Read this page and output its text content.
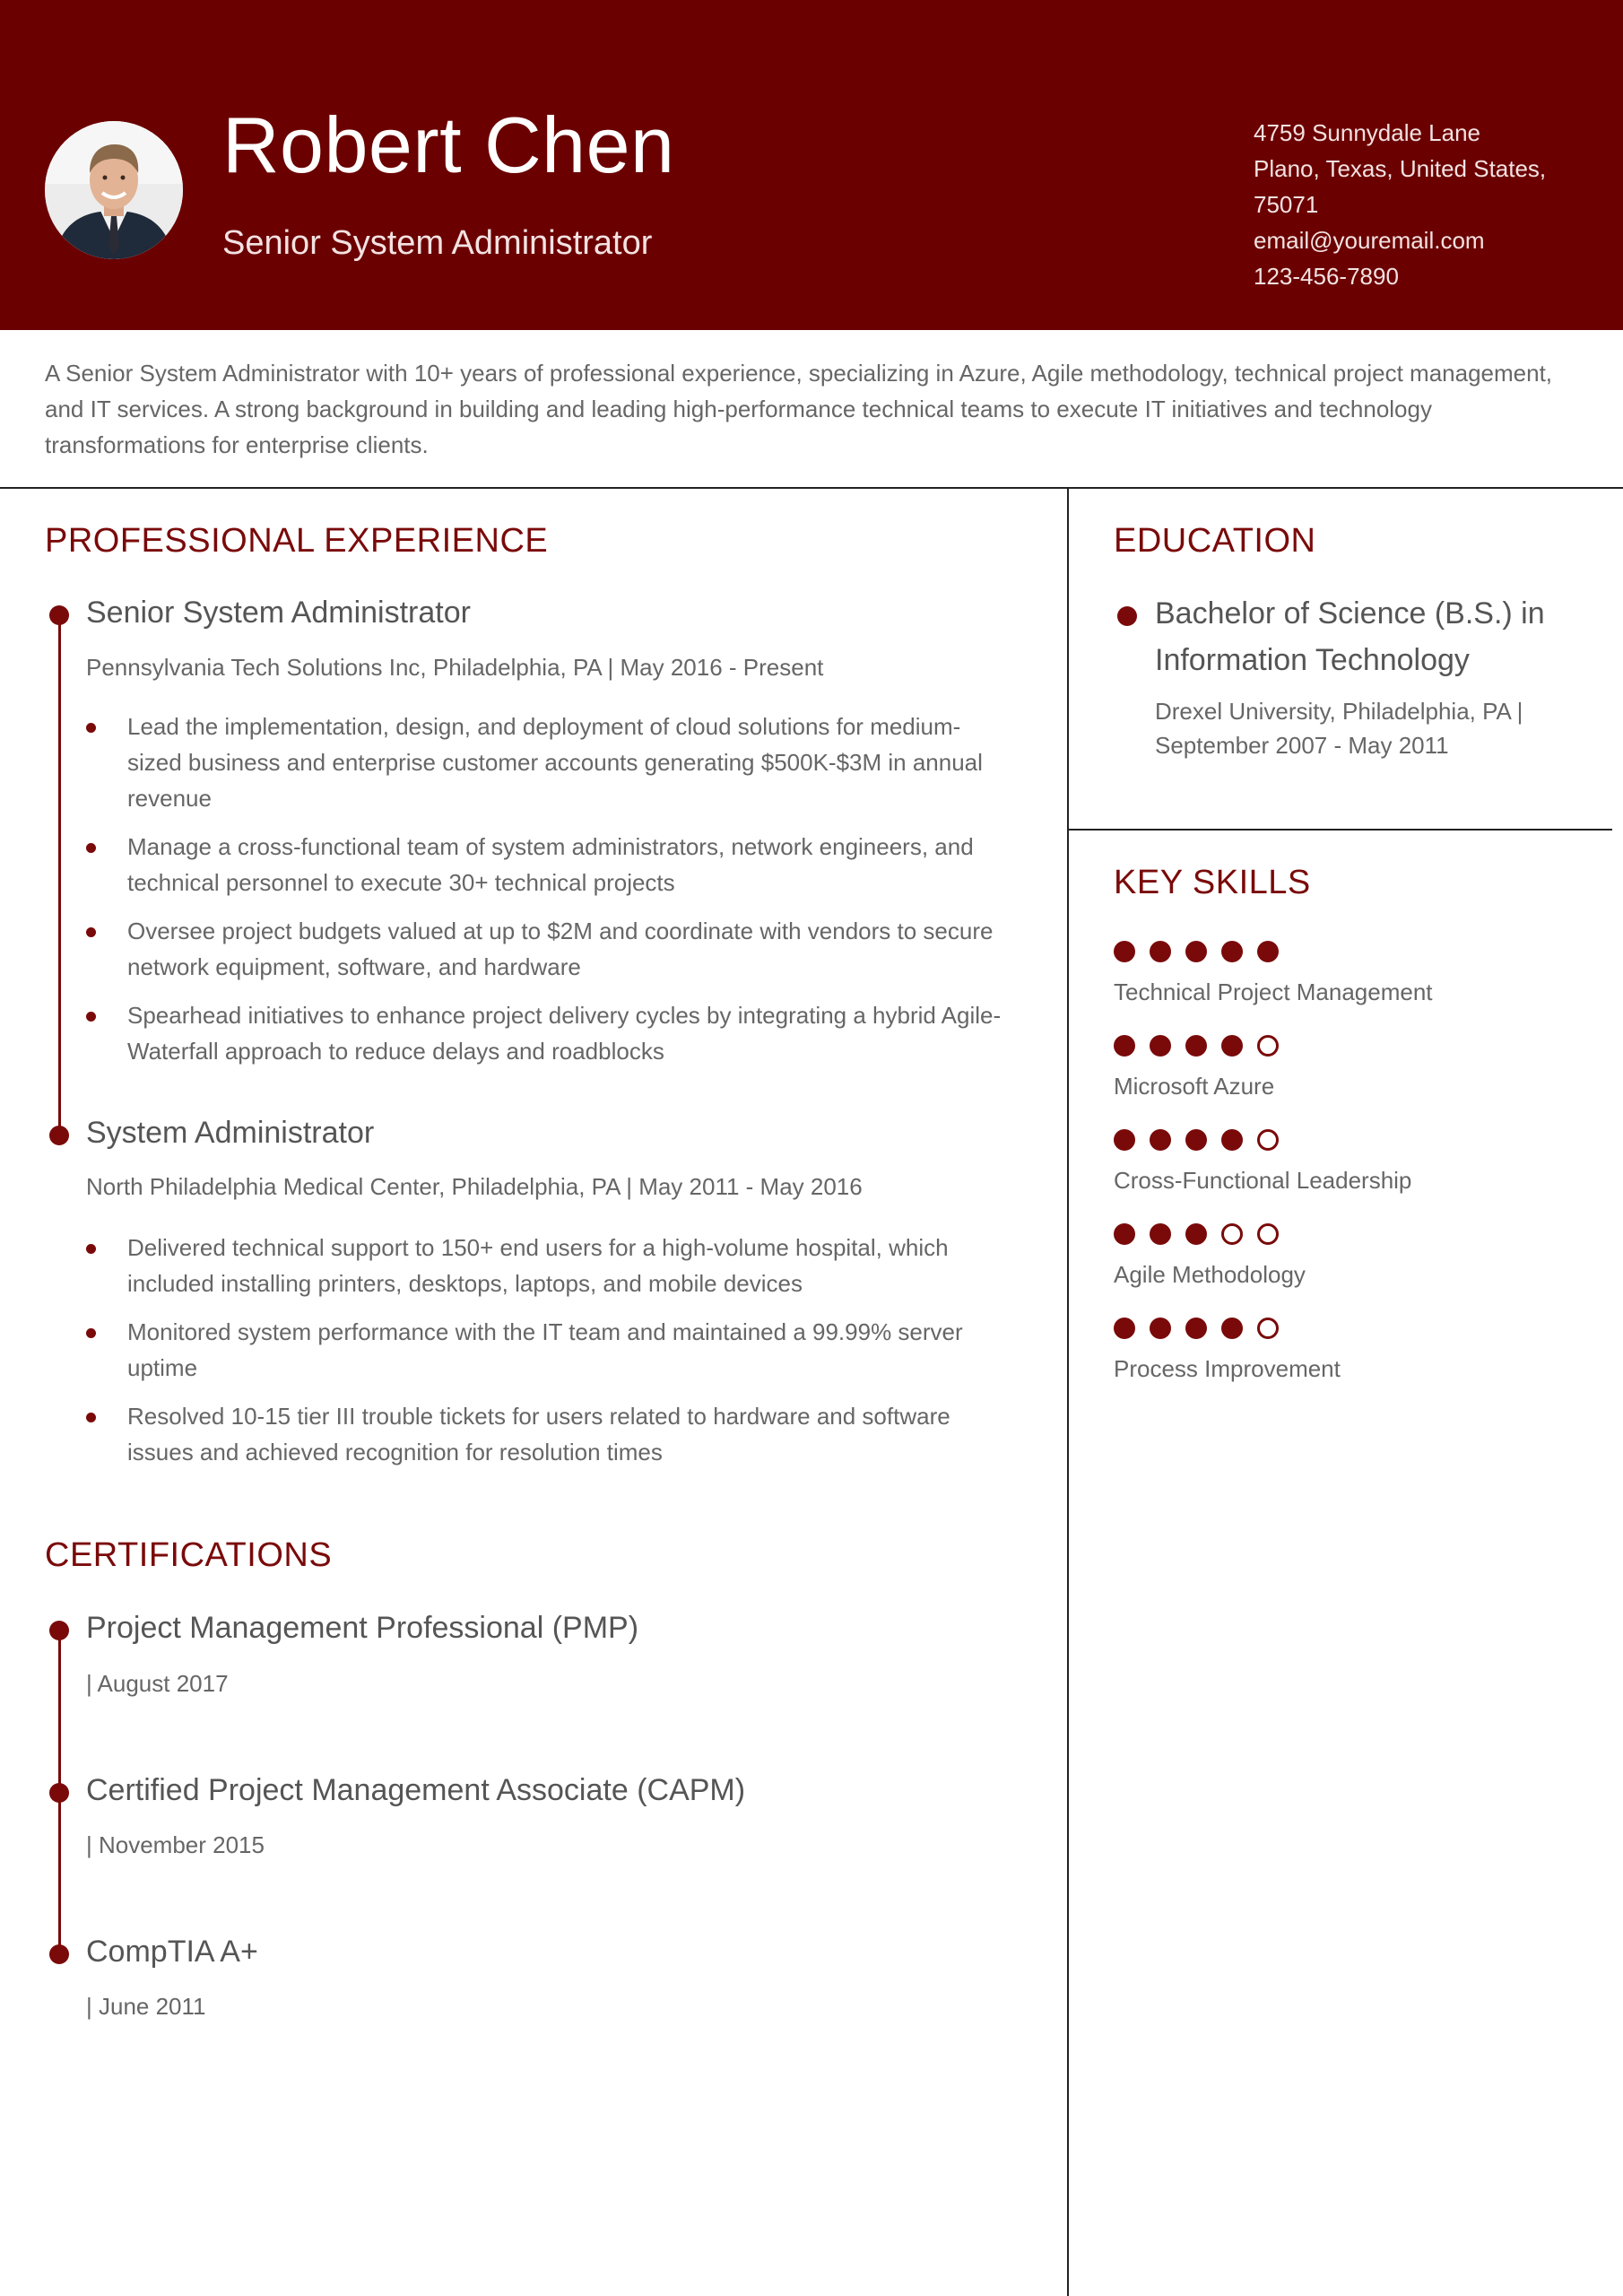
Robert Chen
Senior System Administrator
4759 Sunnydale Lane
Plano, Texas, United States,
75071
email@youremail.com
123-456-7890
A Senior System Administrator with 10+ years of professional experience, specializing in Azure, Agile methodology, technical project management, and IT services. A strong background in building and leading high-performance technical teams to execute IT initiatives and technology transformations for enterprise clients.
PROFESSIONAL EXPERIENCE
Senior System Administrator
Pennsylvania Tech Solutions Inc, Philadelphia, PA | May 2016 - Present
Lead the implementation, design, and deployment of cloud solutions for medium-sized business and enterprise customer accounts generating $500K-$3M in annual revenue
Manage a cross-functional team of system administrators, network engineers, and technical personnel to execute 30+ technical projects
Oversee project budgets valued at up to $2M and coordinate with vendors to secure network equipment, software, and hardware
Spearhead initiatives to enhance project delivery cycles by integrating a hybrid Agile-Waterfall approach to reduce delays and roadblocks
System Administrator
North Philadelphia Medical Center, Philadelphia, PA | May 2011 - May 2016
Delivered technical support to 150+ end users for a high-volume hospital, which included installing printers, desktops, laptops, and mobile devices
Monitored system performance with the IT team and maintained a 99.99% server uptime
Resolved 10-15 tier III trouble tickets for users related to hardware and software issues and achieved recognition for resolution times
CERTIFICATIONS
Project Management Professional (PMP)
| August 2017
Certified Project Management Associate (CAPM)
| November 2015
CompTIA A+
| June 2011
EDUCATION
Bachelor of Science (B.S.) in Information Technology
Drexel University, Philadelphia, PA |
September 2007 - May 2011
KEY SKILLS
Technical Project Management
Microsoft Azure
Cross-Functional Leadership
Agile Methodology
Process Improvement
